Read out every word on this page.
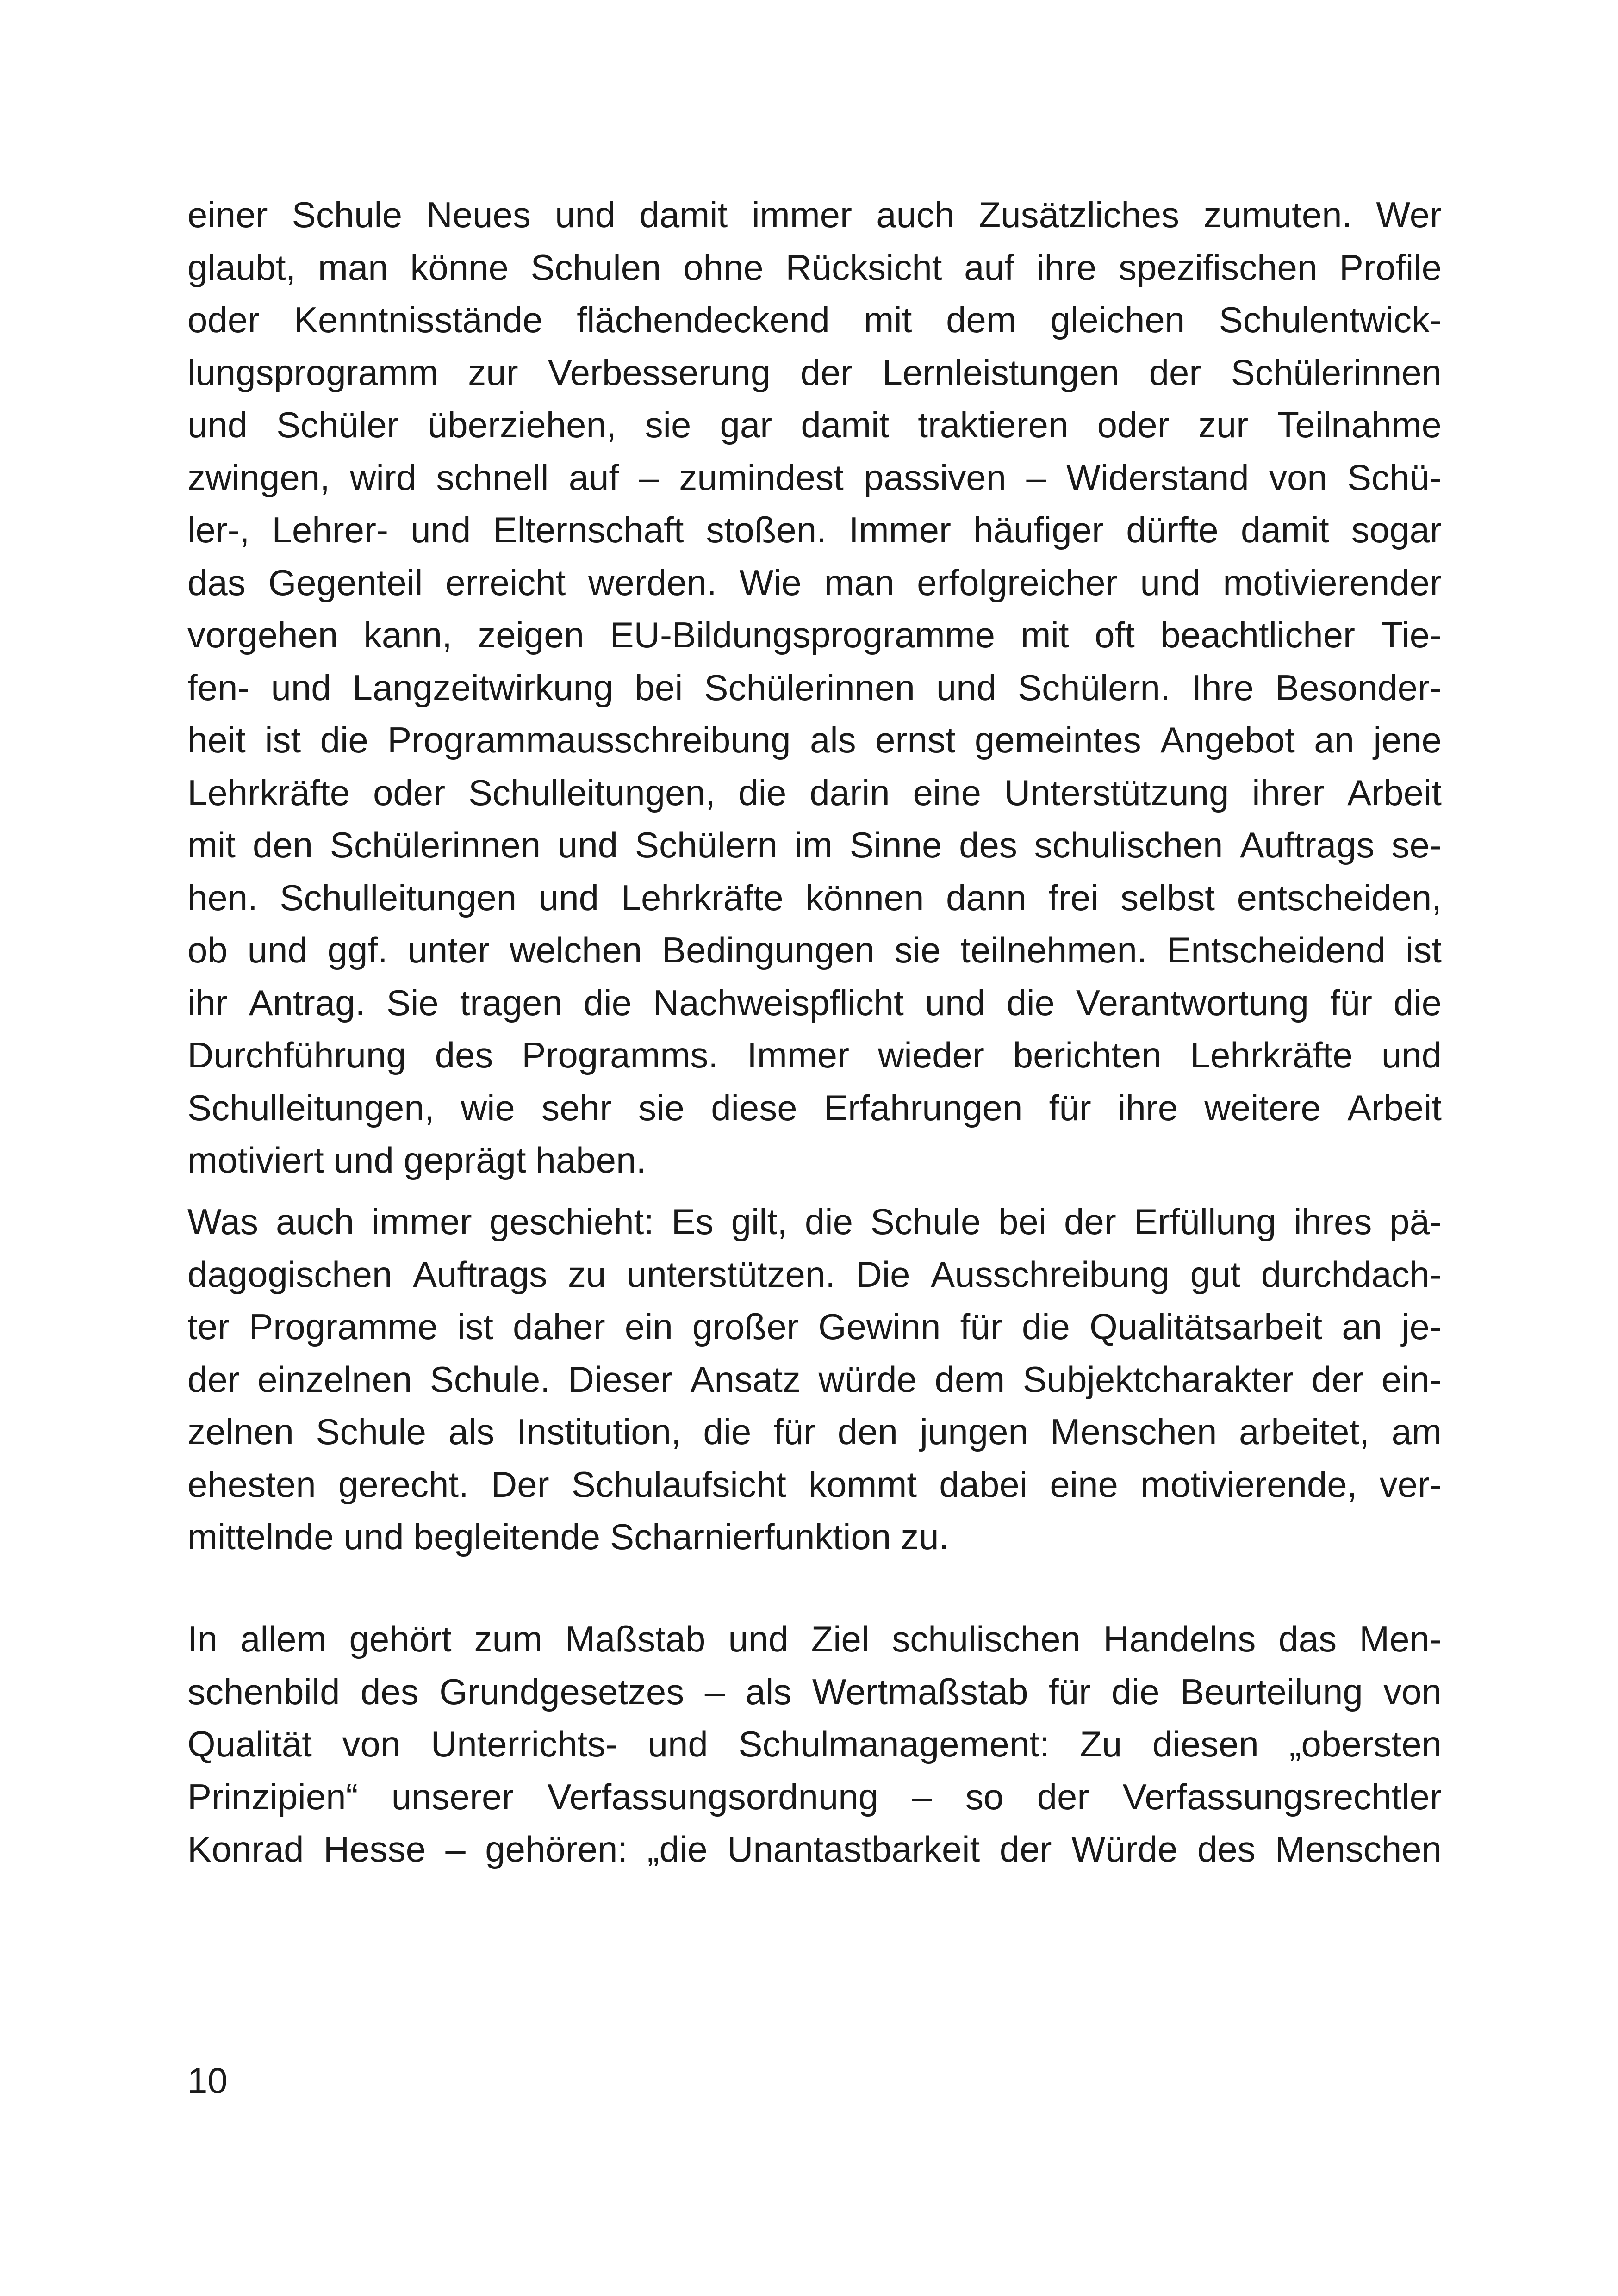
einer Schule Neues und damit immer auch Zusätzliches zumuten. Wer
glaubt, man könne Schulen ohne Rücksicht auf ihre spezifischen Profile
oder Kenntnisstände flächendeckend mit dem gleichen Schulentwick-
lungsprogramm zur Verbesserung der Lernleistungen der Schülerinnen
und Schüler überziehen, sie gar damit traktieren oder zur Teilnahme
zwingen, wird schnell auf – zumindest passiven – Widerstand von Schü-
ler-, Lehrer- und Elternschaft stoßen. Immer häufiger dürfte damit sogar
das Gegenteil erreicht werden. Wie man erfolgreicher und motivierender
vorgehen kann, zeigen EU-Bildungsprogramme mit oft beachtlicher Tie-
fen- und Langzeitwirkung bei Schülerinnen und Schülern. Ihre Besonder-
heit ist die Programmausschreibung als ernst gemeintes Angebot an jene
Lehrkräfte oder Schulleitungen, die darin eine Unterstützung ihrer Arbeit
mit den Schülerinnen und Schülern im Sinne des schulischen Auftrags se-
hen. Schulleitungen und Lehrkräfte können dann frei selbst entscheiden,
ob und ggf. unter welchen Bedingungen sie teilnehmen. Entscheidend ist
ihr Antrag. Sie tragen die Nachweispflicht und die Verantwortung für die
Durchführung des Programms. Immer wieder berichten Lehrkräfte und
Schulleitungen, wie sehr sie diese Erfahrungen für ihre weitere Arbeit
motiviert und geprägt haben.
Was auch immer geschieht: Es gilt, die Schule bei der Erfüllung ihres pä-
dagogischen Auftrags zu unterstützen. Die Ausschreibung gut durchdach-
ter Programme ist daher ein großer Gewinn für die Qualitätsarbeit an je-
der einzelnen Schule. Dieser Ansatz würde dem Subjektcharakter der ein-
zelnen Schule als Institution, die für den jungen Menschen arbeitet, am
ehesten gerecht. Der Schulaufsicht kommt dabei eine motivierende, ver-
mittelnde und begleitende Scharnierfunktion zu.
In allem gehört zum Maßstab und Ziel schulischen Handelns das Men-
schenbild des Grundgesetzes – als Wertmaßstab für die Beurteilung von
Qualität von Unterrichts- und Schulmanagement: Zu diesen „obersten
Prinzipien“ unserer Verfassungsordnung – so der Verfassungsrechtler
Konrad Hesse – gehören: „die Unantastbarkeit der Würde des Menschen
10
